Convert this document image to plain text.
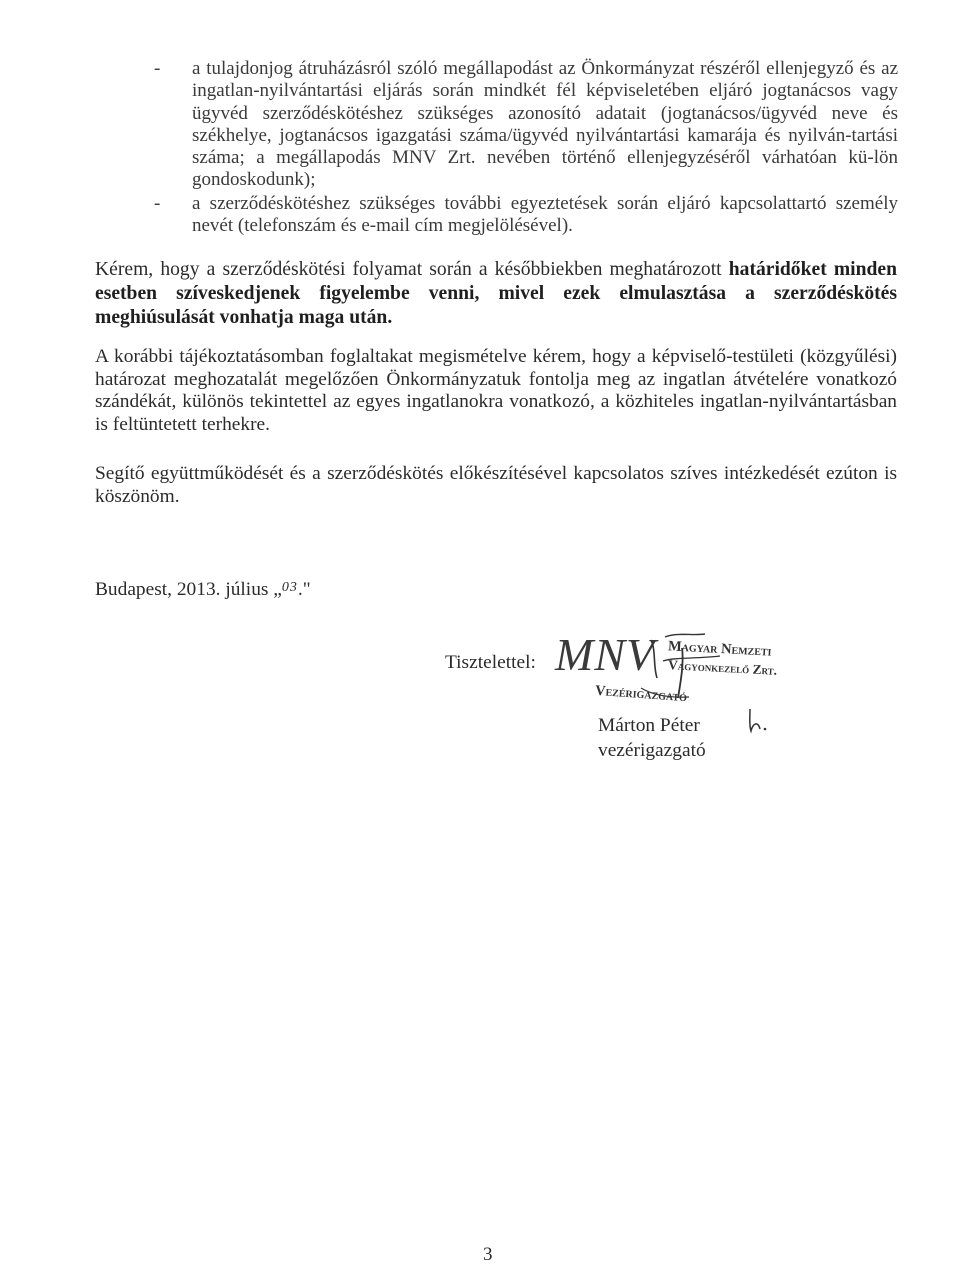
- a tulajdonjog átruházásról szóló megállapodást az Önkormányzat részéről ellenjegyző és az ingatlan-nyilvántartási eljárás során mindkét fél képviseletében eljáró jogtanácsos vagy ügyvéd szerződéskötéshez szükséges azonosító adatait (jogtanácsos/ügyvéd neve és székhelye, jogtanácsos igazgatási száma/ügyvéd nyilvántartási kamarája és nyilván-tartási száma; a megállapodás MNV Zrt. nevében történő ellenjegyzéséről várhatóan kü-lön gondoskodunk);
- a szerződéskötéshez szükséges további egyeztetések során eljáró kapcsolattartó személy nevét (telefonszám és e-mail cím megjelölésével).

Kérem, hogy a szerződéskötési folyamat során a későbbiekben meghatározott határidőket minden esetben szíveskedjenek figyelembe venni, mivel ezek elmulasztása a szerződéskötés meghiúsulását vonhatja maga után.

A korábbi tájékoztatásomban foglaltakat megismételve kérem, hogy a képviselő-testületi (közgyűlési) határozat meghozatalát megelőzően Önkormányzatuk fontolja meg az ingatlan átvételére vonatkozó szándékát, különös tekintettel az egyes ingatlanokra vonatkozó, a közhiteles ingatlan-nyilvántartásban is feltüntetett terhekre.

Segítő együttműködését és a szerződéskötés előkészítésével kapcsolatos szíves intézkedését ezúton is köszönöm.

Budapest, 2013. július „$^{03}$."
Tisztelettel: MNV Magyar Nemzeti
Vagyonkezelő Zrt.
Vezérigazgató
Márton Péter
vezérigazgató
3
